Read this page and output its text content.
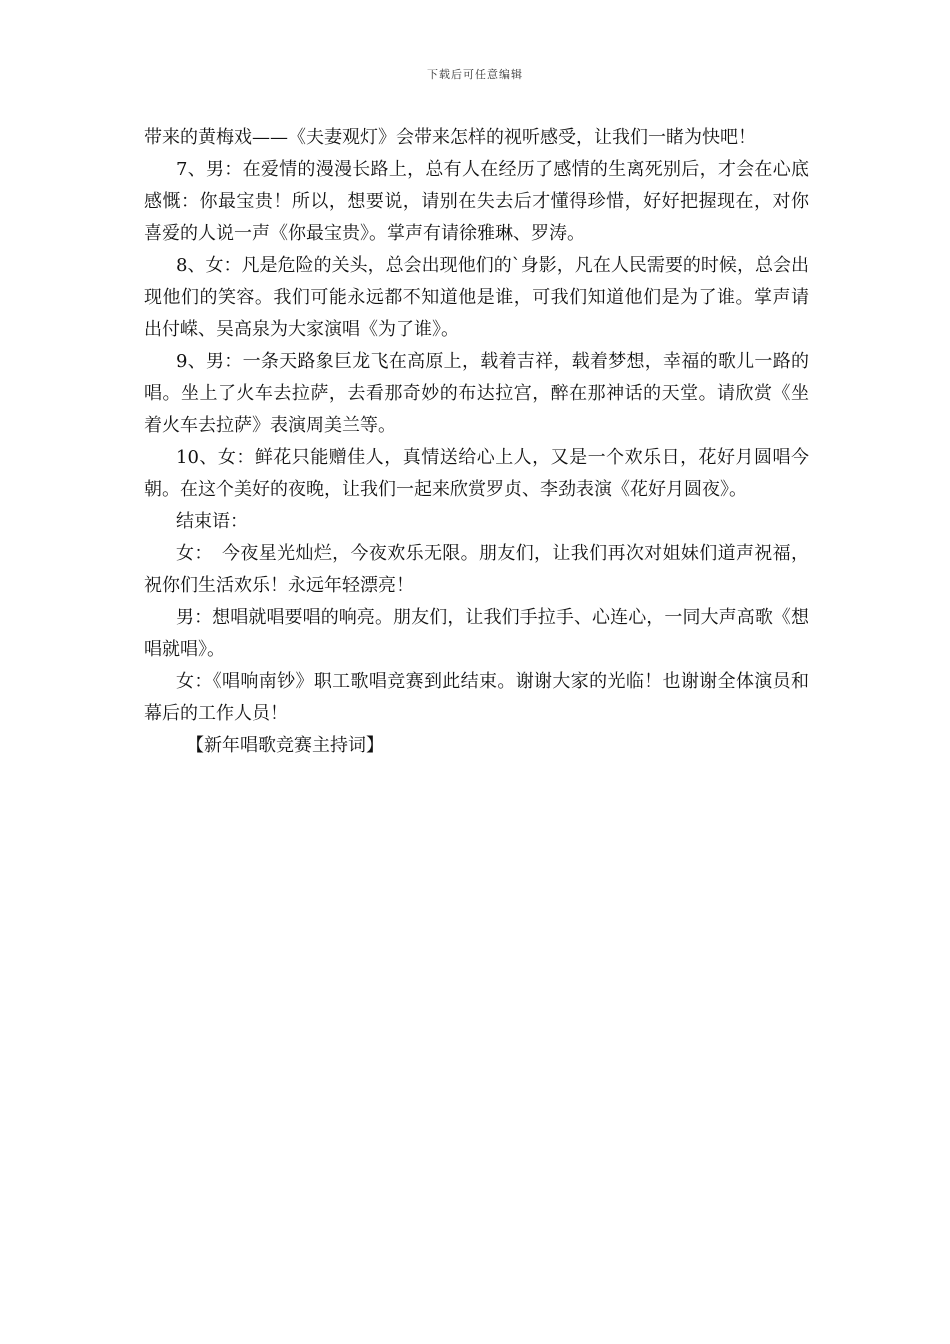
下载后可任意编辑

带来的黄梅戏——《夫妻观灯》会带来怎样的视听感受，让我们一睹为快吧！

7、男：在爱情的漫漫长路上，总有人在经历了感情的生离死别后，才会在心底感慨：你最宝贵！所以，想要说，请别在失去后才懂得珍惜，好好把握现在，对你喜爱的人说一声《你最宝贵》。掌声有请徐雅琳、罗涛。

8、女：凡是危险的关头，总会出现他们的`身影，凡在人民需要的时候，总会出现他们的笑容。我们可能永远都不知道他是谁，可我们知道他们是为了谁。掌声请出付嵘、吴高泉为大家演唱《为了谁》。

9、男：一条天路象巨龙飞在高原上，载着吉祥，载着梦想，幸福的歌儿一路的唱。坐上了火车去拉萨，去看那奇妙的布达拉宫，醉在那神话的天堂。请欣赏《坐着火车去拉萨》表演周美兰等。

10、女：鲜花只能赠佳人，真情送给心上人，又是一个欢乐日，花好月圆唱今朝。在这个美好的夜晚，让我们一起来欣赏罗贞、李劲表演《花好月圆夜》。

结束语：

女：　今夜星光灿烂，今夜欢乐无限。朋友们，让我们再次对姐妹们道声祝福，祝你们生活欢乐！永远年轻漂亮！

男：想唱就唱要唱的响亮。朋友们，让我们手拉手、心连心，一同大声高歌《想唱就唱》。

女：《唱响南钞》职工歌唱竞赛到此结束。谢谢大家的光临！也谢谢全体演员和幕后的工作人员！

【新年唱歌竞赛主持词】
